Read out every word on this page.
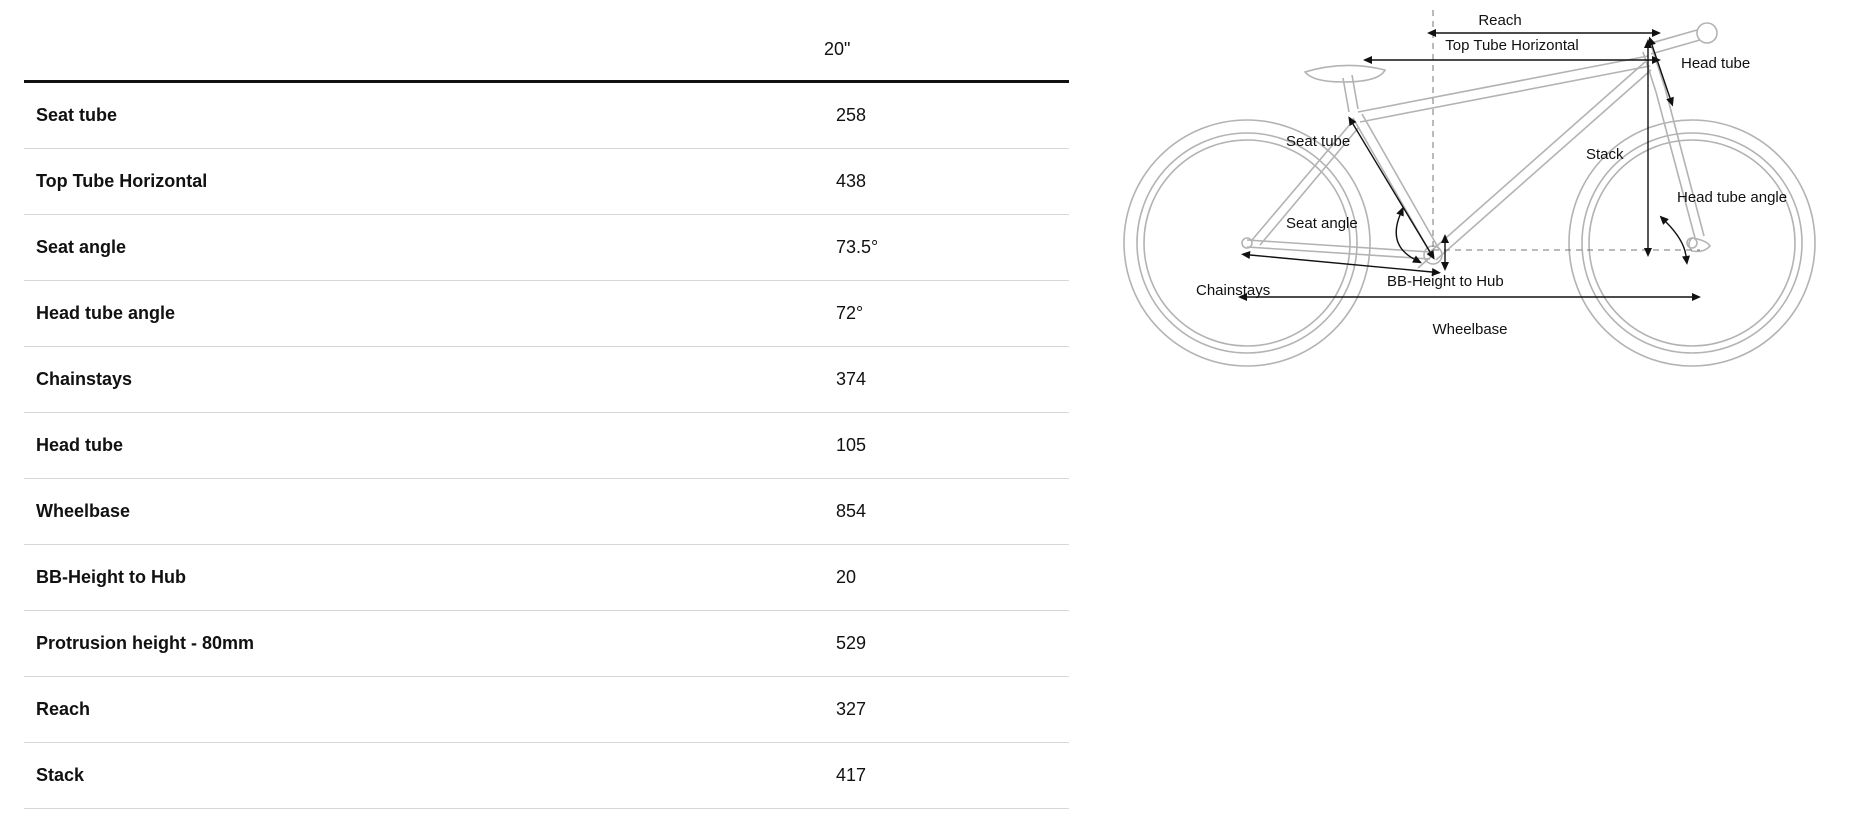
	20"
Seat tube	258
Top Tube Horizontal	438
Seat angle	73.5°
Head tube angle	72°
Chainstays	374
Head tube	105
Wheelbase	854
BB-Height to Hub	20
Protrusion height - 80mm	529
Reach	327
Stack	417
Reach
Top Tube Horizontal
Head tube
Seat tube
Stack
Seat angle
Head tube angle
BB-Height to Hub
Chainstays
Wheelbase
